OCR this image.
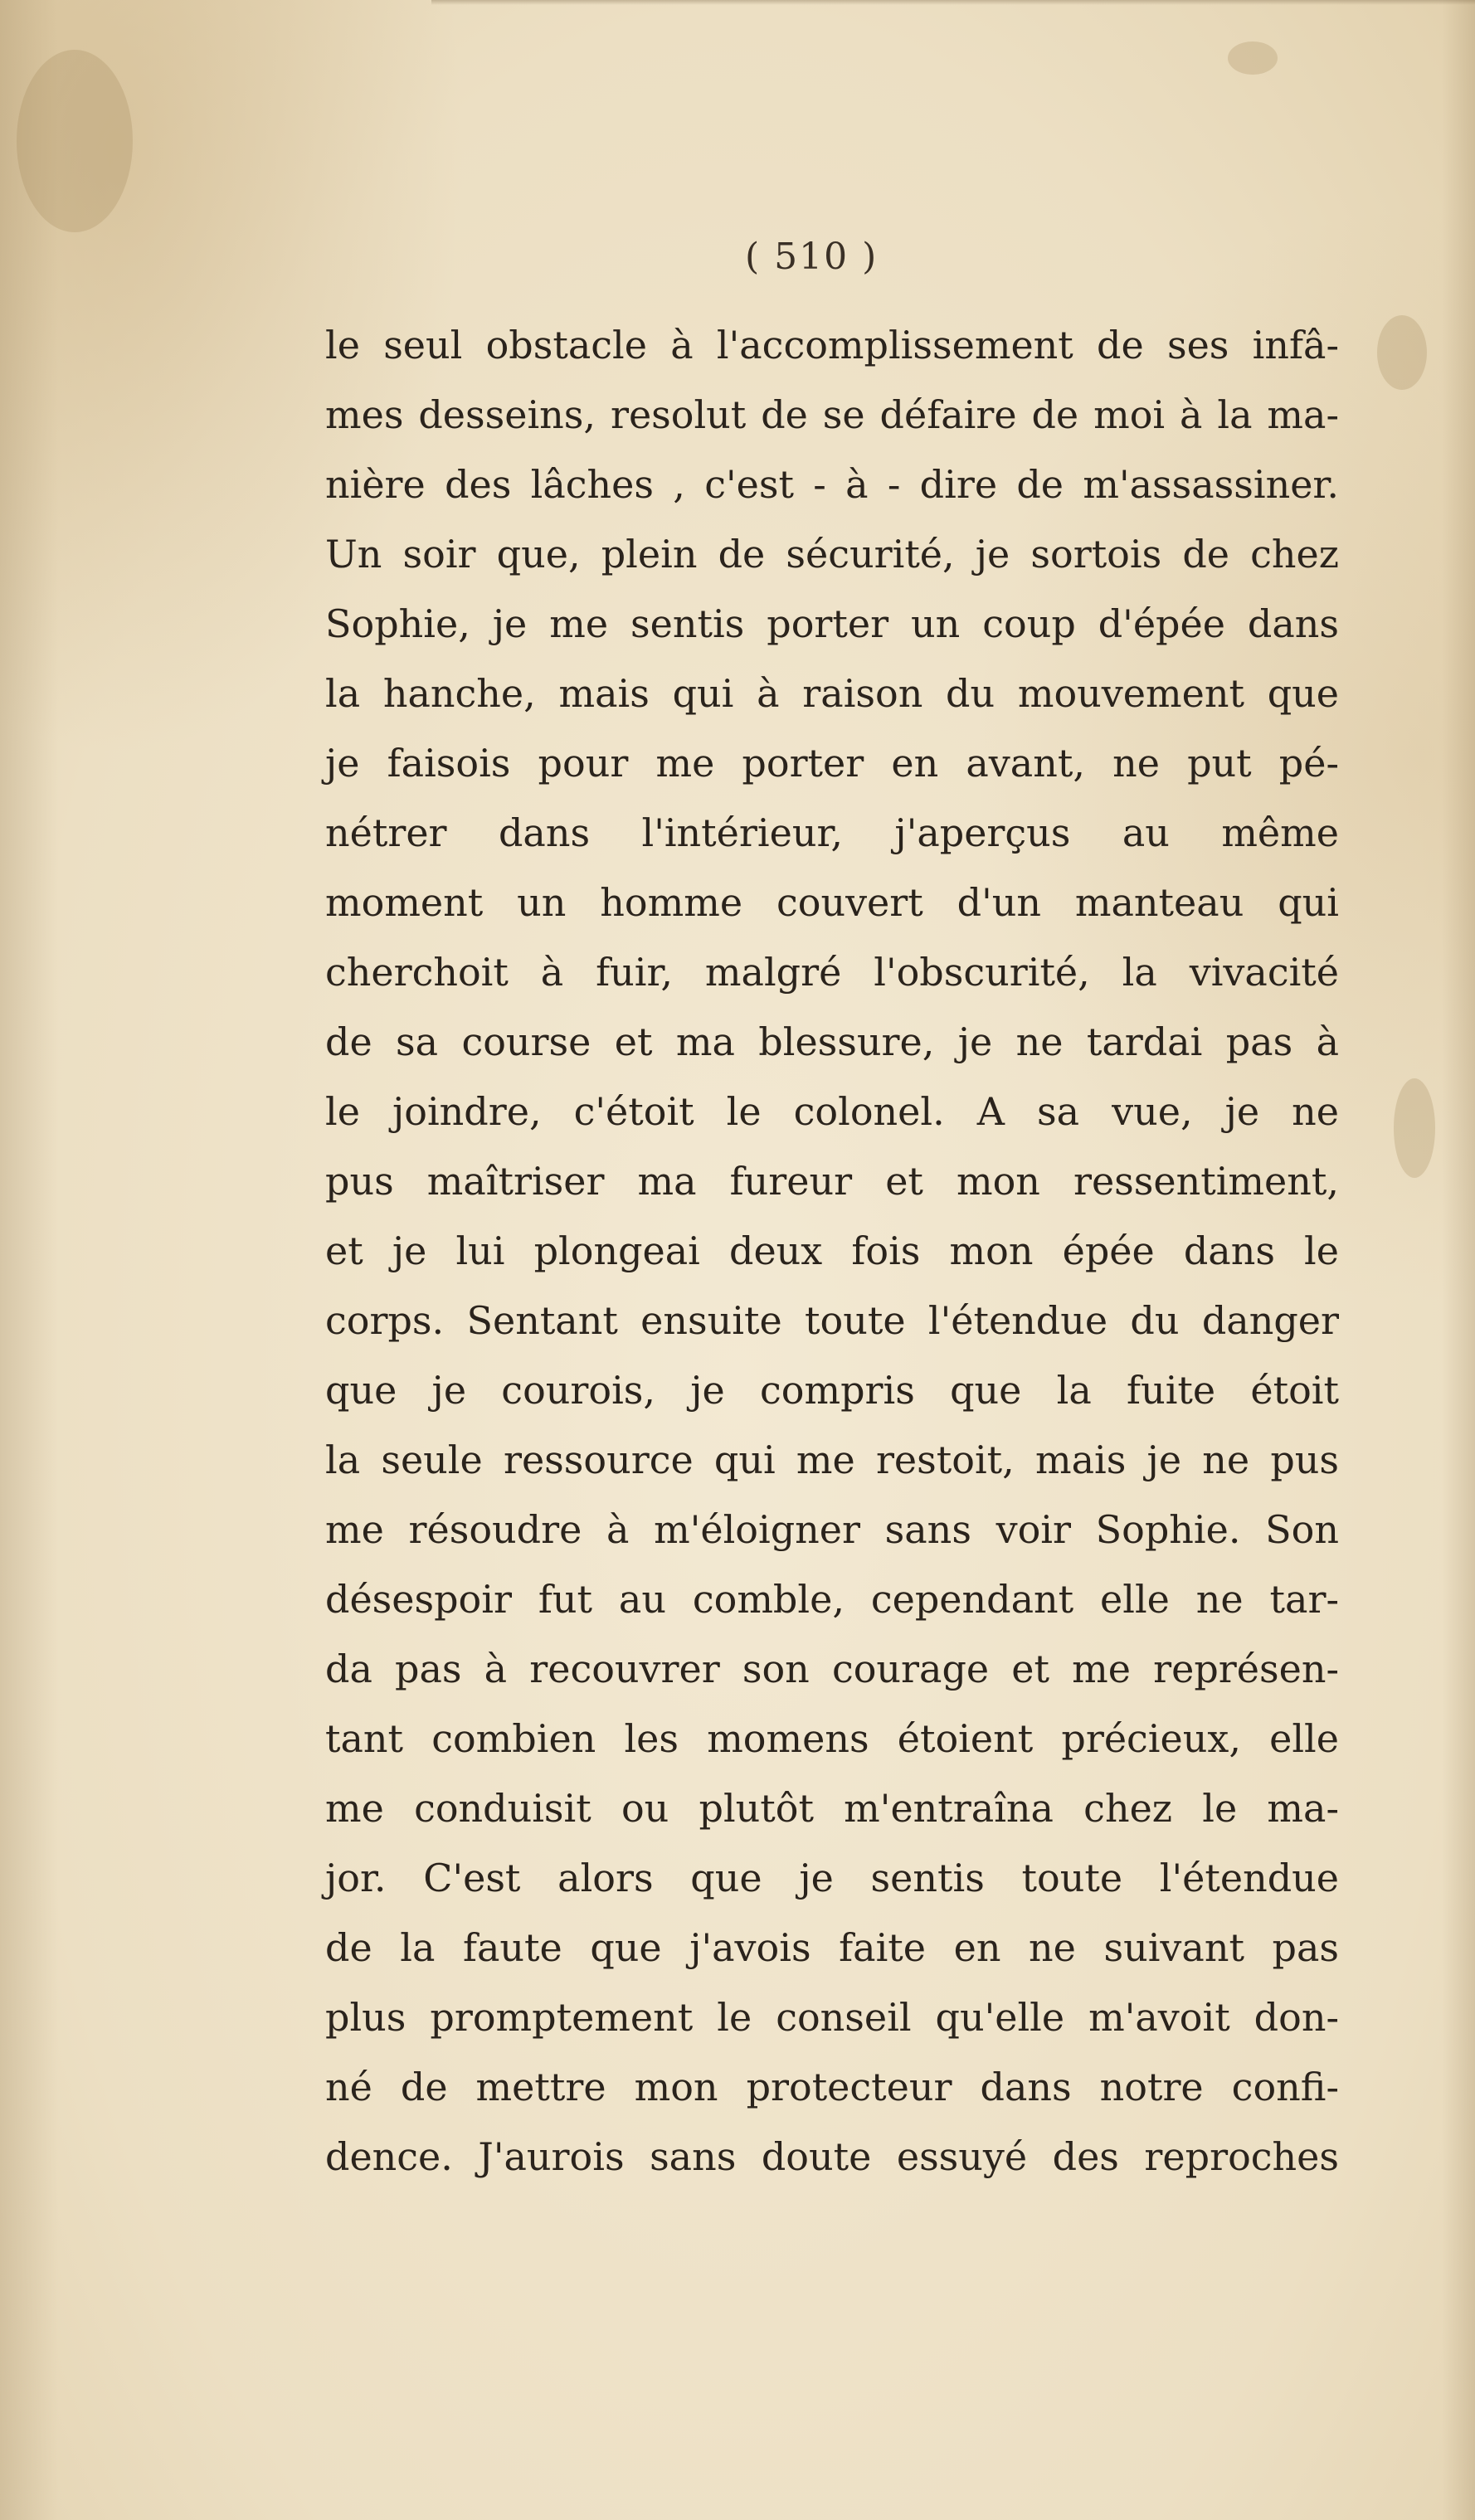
( 510 )
le seul obstacle à l'accomplissement de ses infâ-
mes desseins, resolut de se défaire de moi à la ma-
nière des lâches , c'est - à - dire de m'assassiner.
Un soir que, plein de sécurité, je sortois de chez
Sophie, je me sentis porter un coup d'épée dans
la hanche, mais qui à raison du mouvement que
je faisois pour me porter en avant, ne put pé-
nétrer dans l'intérieur, j'aperçus au même
moment un homme couvert d'un manteau qui
cherchoit à fuir, malgré l'obscurité, la vivacité
de sa course et ma blessure, je ne tardai pas à
le joindre, c'étoit le colonel. A sa vue, je ne
pus maîtriser ma fureur et mon ressentiment,
et je lui plongeai deux fois mon épée dans le
corps. Sentant ensuite toute l'étendue du danger
que je courois, je compris que la fuite étoit
la seule ressource qui me restoit, mais je ne pus
me résoudre à m'éloigner sans voir Sophie. Son
désespoir fut au comble, cependant elle ne tar-
da pas à recouvrer son courage et me représen-
tant combien les momens étoient précieux, elle
me conduisit ou plutôt m'entraîna chez le ma-
jor. C'est alors que je sentis toute l'étendue
de la faute que j'avois faite en ne suivant pas
plus promptement le conseil qu'elle m'avoit don-
né de mettre mon protecteur dans notre confi-
dence. J'aurois sans doute essuyé des reproches
